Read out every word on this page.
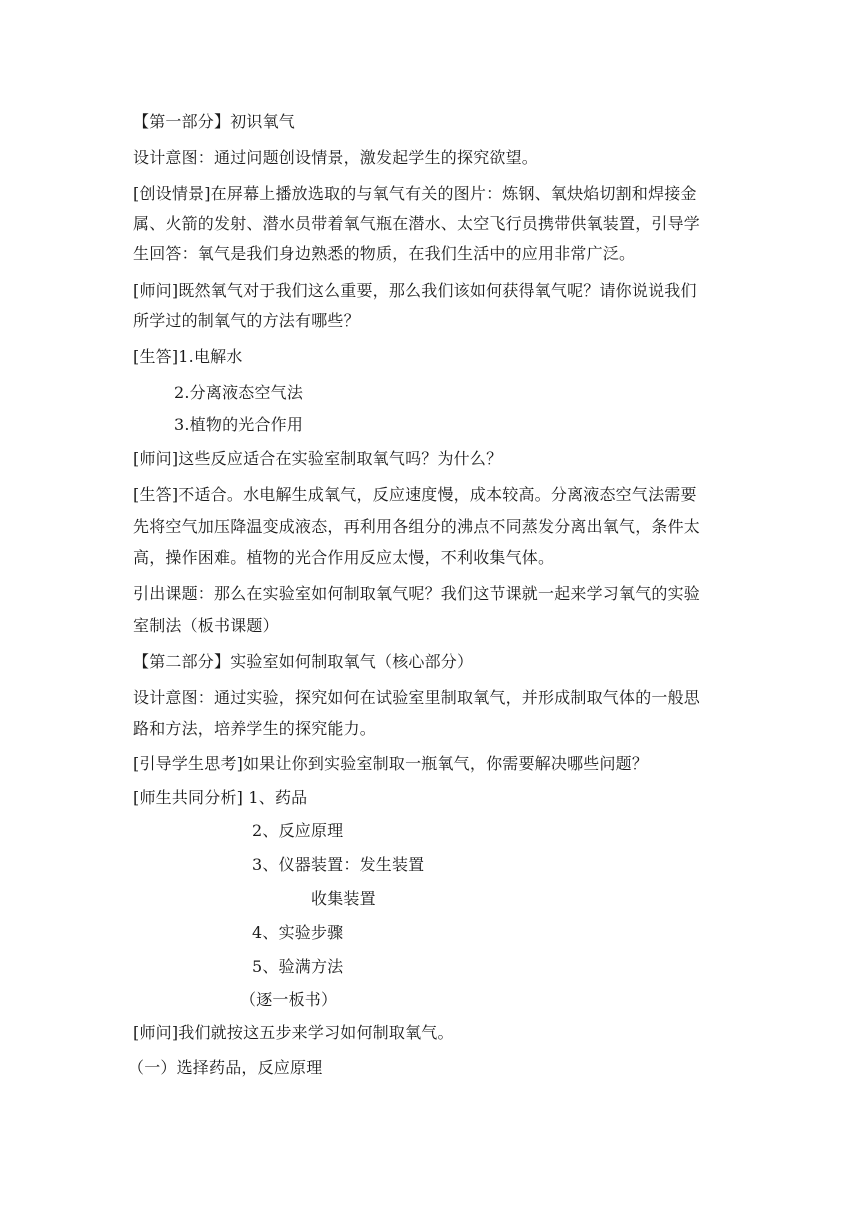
【第一部分】初识氧气
设计意图：通过问题创设情景，激发起学生的探究欲望。
[创设情景]在屏幕上播放选取的与氧气有关的图片：炼钢、氧炔焰切割和焊接金
属、火箭的发射、潜水员带着氧气瓶在潜水、太空飞行员携带供氧装置，引导学
生回答：氧气是我们身边熟悉的物质，在我们生活中的应用非常广泛。
[师问]既然氧气对于我们这么重要，那么我们该如何获得氧气呢？请你说说我们
所学过的制氧气的方法有哪些？
[生答]1.电解水
2.分离液态空气法
3.植物的光合作用
[师问]这些反应适合在实验室制取氧气吗？为什么？
[生答]不适合。水电解生成氧气，反应速度慢，成本较高。分离液态空气法需要
先将空气加压降温变成液态，再利用各组分的沸点不同蒸发分离出氧气，条件太
高，操作困难。植物的光合作用反应太慢，不利收集气体。
引出课题：那么在实验室如何制取氧气呢？我们这节课就一起来学习氧气的实验
室制法（板书课题）
【第二部分】实验室如何制取氧气（核心部分）
设计意图：通过实验，探究如何在试验室里制取氧气，并形成制取气体的一般思
路和方法，培养学生的探究能力。
[引导学生思考]如果让你到实验室制取一瓶氧气，你需要解决哪些问题？
[师生共同分析] 1、药品
2、反应原理
3、仪器装置：发生装置
收集装置
4、实验步骤
5、验满方法
（逐一板书）
[师问]我们就按这五步来学习如何制取氧气。
（一）选择药品，反应原理
